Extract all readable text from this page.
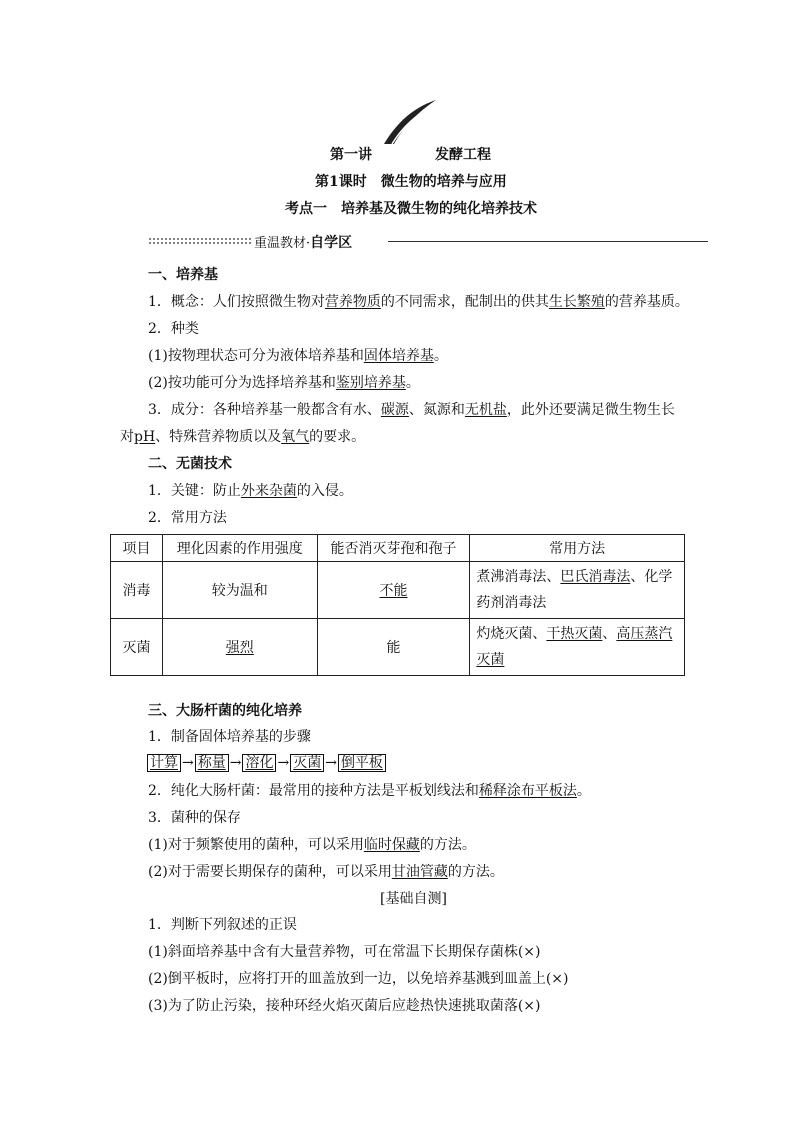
第一讲	发酵工程
第1课时　微生物的培养与应用
考点一　培养基及微生物的纯化培养技术
重温教材·自学区
一、培养基
1．概念：人们按照微生物对营养物质的不同需求，配制出的供其生长繁殖的营养基质。
2．种类
(1)按物理状态可分为液体培养基和固体培养基。
(2)按功能可分为选择培养基和鉴别培养基。
3．成分：各种培养基一般都含有水、碳源、氮源和无机盐，此外还要满足微生物生长
对pH、特殊营养物质以及氧气的要求。
二、无菌技术
1．关键：防止外来杂菌的入侵。
2．常用方法
项目	理化因素的作用强度	能否消灭芽孢和孢子	常用方法
消毒	较为温和	不能	煮沸消毒法、巴氏消毒法、化学
药剂消毒法
灭菌	强烈	能	灼烧灭菌、干热灭菌、高压蒸汽
灭菌
三、大肠杆菌的纯化培养
1．制备固体培养基的步骤
计算 → 称量 → 溶化 → 灭菌 → 倒平板
2．纯化大肠杆菌：最常用的接种方法是平板划线法和稀释涂布平板法。
3．菌种的保存
(1)对于频繁使用的菌种，可以采用临时保藏的方法。
(2)对于需要长期保存的菌种，可以采用甘油管藏的方法。
[基础自测]
1．判断下列叙述的正误
(1)斜面培养基中含有大量营养物，可在常温下长期保存菌株(×)
(2)倒平板时，应将打开的皿盖放到一边，以免培养基溅到皿盖上(×)
(3)为了防止污染，接种环经火焰灭菌后应趁热快速挑取菌落(×)
